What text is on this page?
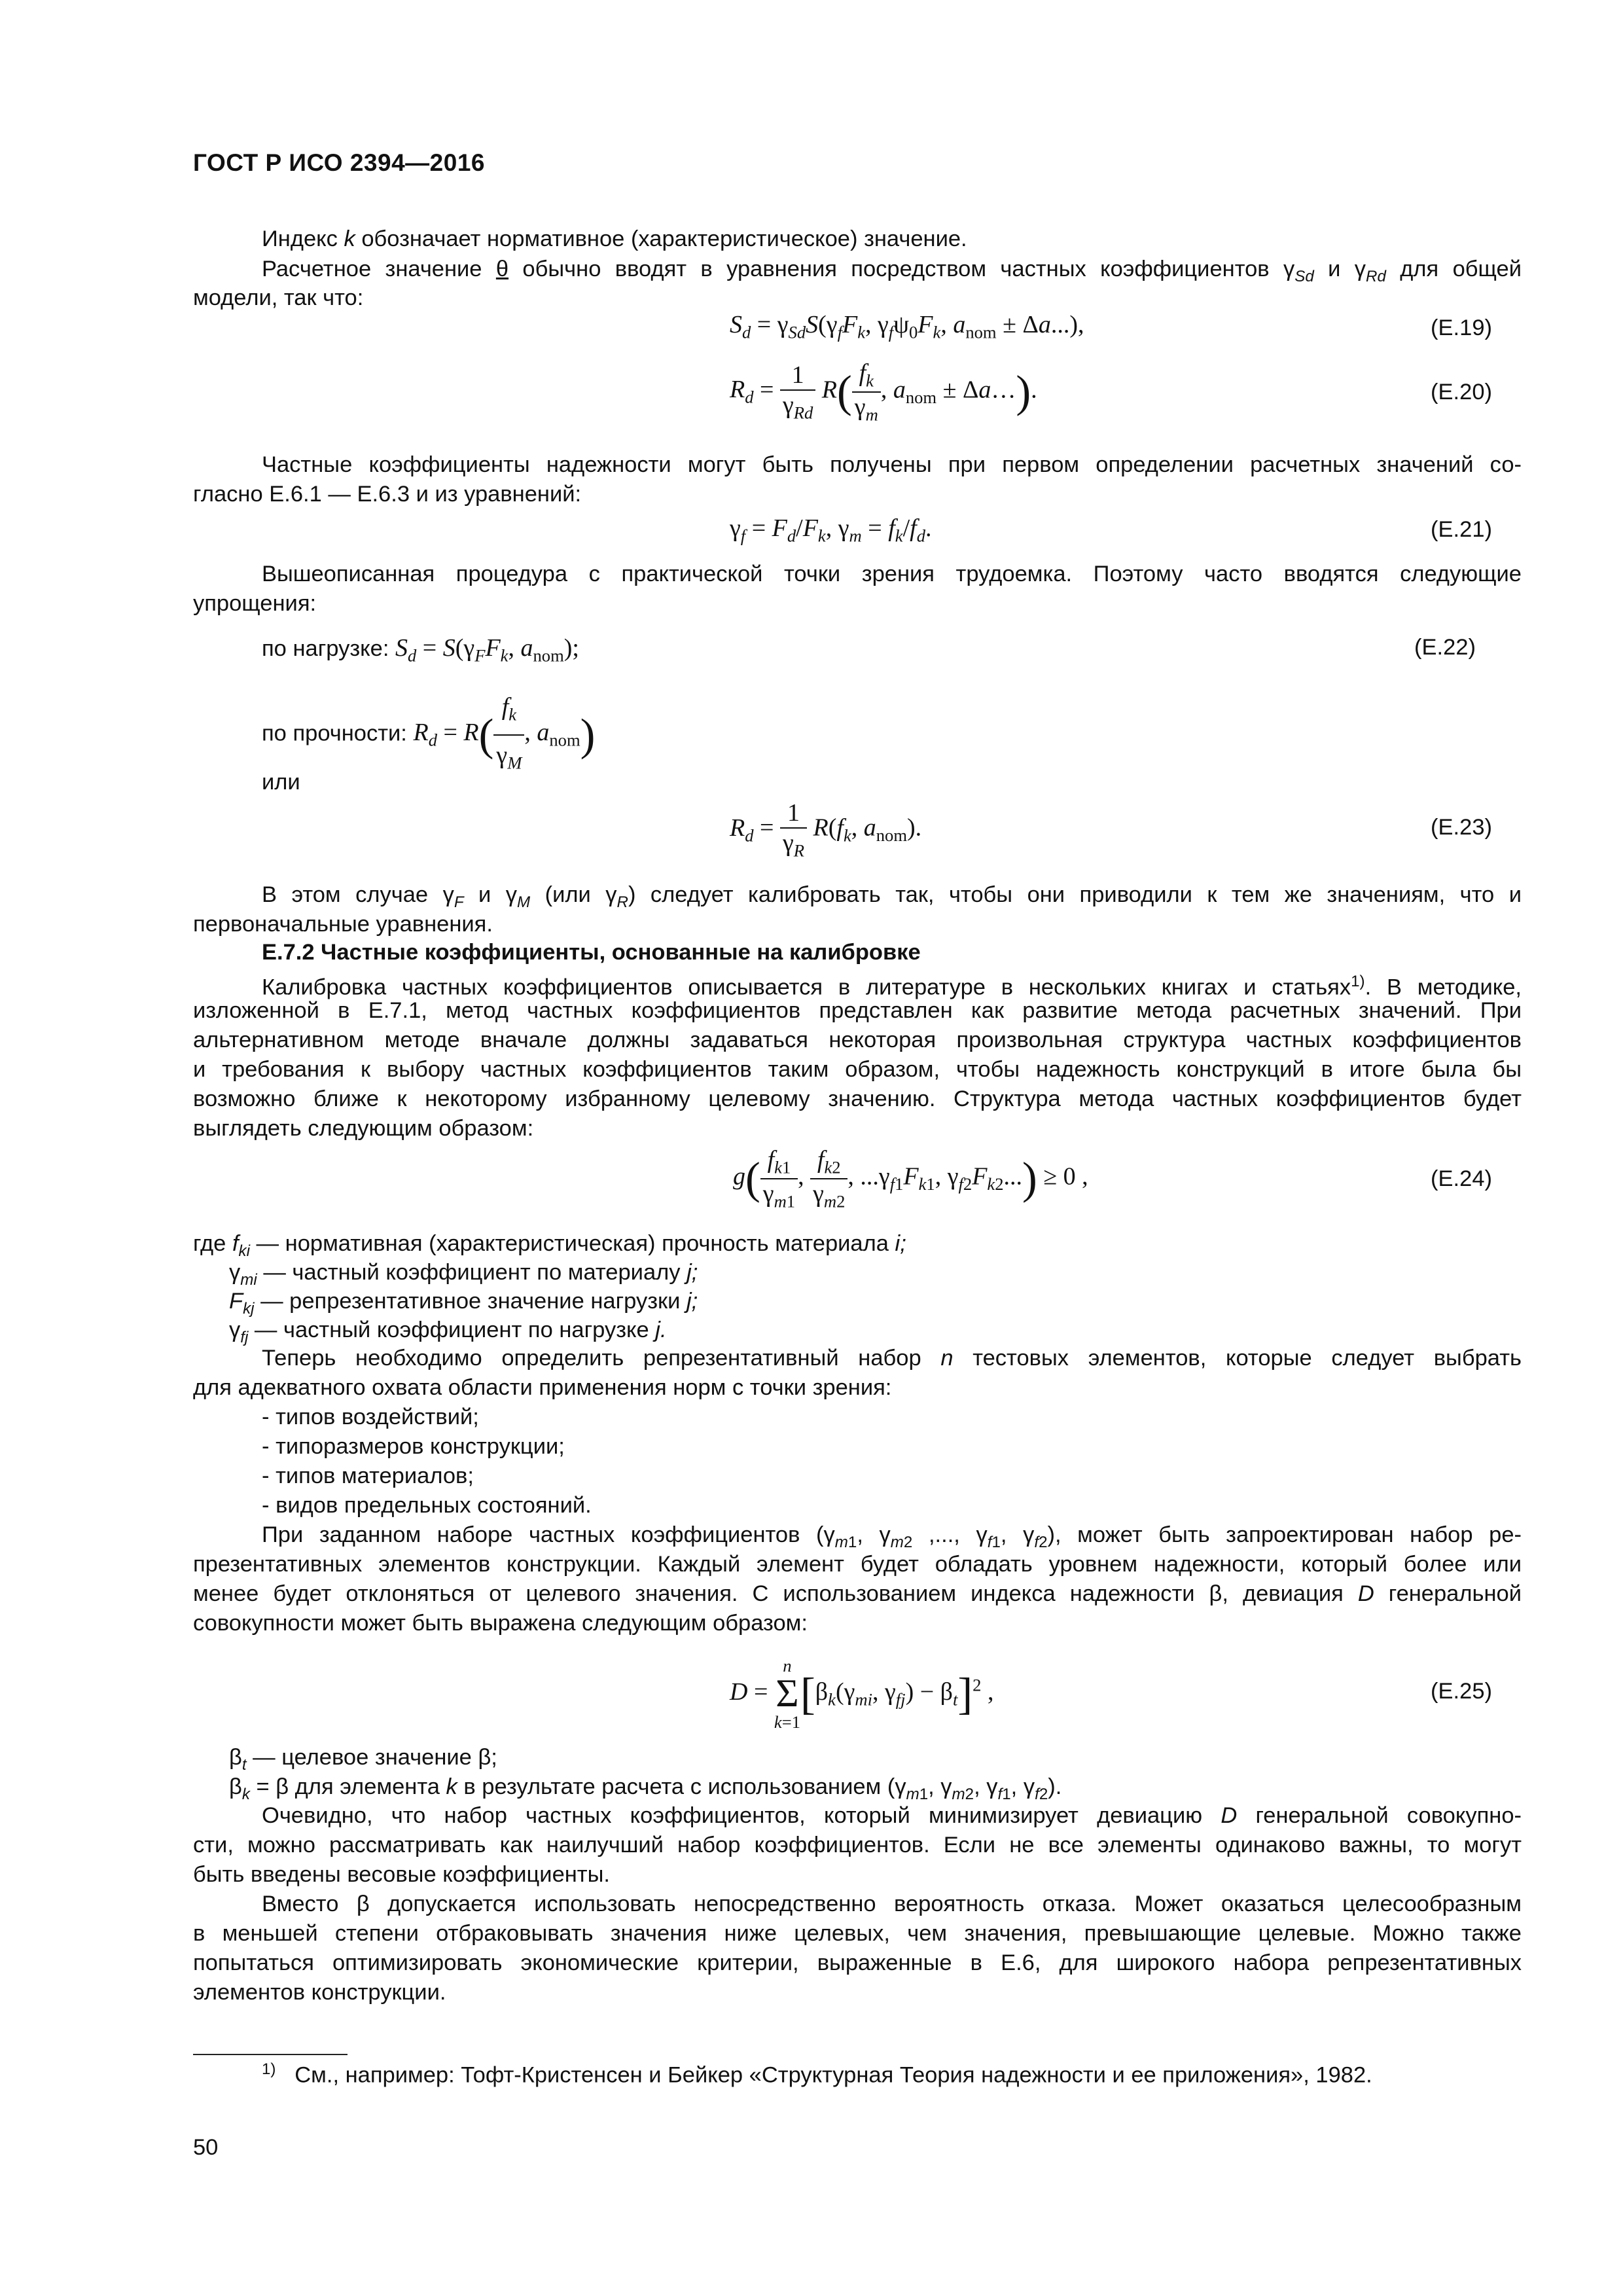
ГОСТ Р ИСО 2394—2016
Индекс k обозначает нормативное (характеристическое) значение.
Расчетное значение θ обычно вводят в уравнения посредством частных коэффициентов $\gamma_{Sd}$ и $\gamma_{Rd}$ для общей
модели, так что:
$S_d = \gamma_{Sd}S(\gamma_fF_k$, $\gamma_f\psi_0F_k$, $a_{nom} \pm \Delta a$...),	(Е.19)
$R_d = \frac{1}{\gamma_{Rd}} R( \frac{f_k}{\gamma_m}$ , $a_{nom}$ ± Δa…).	(Е.20)
Частные коэффициенты надежности могут быть получены при первом определении расчетных значений со-
гласно Е.6.1 — Е.6.3 и из уравнений:
$\gamma_f = F_d/F_k$, $\gamma_m = f_k/f_d$.	(Е.21)
Вышеописанная процедура с практической точки зрения трудоемка. Поэтому часто вводятся следующие
упрощения:
по нагрузке: $S_d = S(\gamma_FF_k$, $a_{nom}$);	(Е.22)
по прочности: $R_d = R( \frac{f_k}{\gamma_M}$ , $a_{nom}$)
или
$R_d = \frac{1}{\gamma_R} R(f_k$, $a_{nom}$).	(Е.23)
В этом случае $\gamma_F$ и $\gamma_M$ (или $\gamma_R$) следует калибровать так, чтобы они приводили к тем же значениям, что и
первоначальные уравнения.
Е.7.2 Частные коэффициенты, основанные на калибровке
Калибровка частных коэффициентов описывается в литературе в нескольких книгах и статьях$^{1)}$. В методике,
изложенной в Е.7.1, метод частных коэффициентов представлен как развитие метода расчетных значений. При
альтернативном методе вначале должны задаваться некоторая произвольная структура частных коэффициентов
и требования к выбору частных коэффициентов таким образом, чтобы надежность конструкций в итоге была бы
возможно ближе к некоторому избранному целевому значению. Структура метода частных коэффициентов будет
выглядеть следующим образом:
$g( \frac{f_{k1}}{\gamma_{m1}}$ , $\frac{f_{k2}}{\gamma_{m2}}$ , $...\gamma_{f1}F_{k1}$, $\gamma_{f2}F_{k2}...) \ge 0$ ,	(Е.24)
где $f_{ki}$ — нормативная (характеристическая) прочность материала i;
$\gamma_{mi}$ — частный коэффициент по материалу j;
$F_{kj}$ — репрезентативное значение нагрузки j;
$\gamma_{fj}$ — частный коэффициент по нагрузке j.
Теперь необходимо определить репрезентативный набор n тестовых элементов, которые следует выбрать
для адекватного охвата области применения норм с точки зрения:
- типов воздействий;
- типоразмеров конструкции;
- типов материалов;
- видов предельных состояний.
При заданном наборе частных коэффициентов ($\gamma_{m1}$, $\gamma_{m2}$ ,..., $\gamma_{f1}$, $\gamma_{f2}$), может быть запроектирован набор ре-
презентативных элементов конструкции. Каждый элемент будет обладать уровнем надежности, который более или
менее будет отклоняться от целевого значения. С использованием индекса надежности β, девиация D генеральной
совокупности может быть выражена следующим образом:
D =
n
Σ
k=1
[$\beta_k(\gamma_{mi}$, $\gamma_{fj}) - \beta_t]^2$ ,	(Е.25)
$\beta_t$ — целевое значение β;
$\beta_k = \beta$ для элемента k в результате расчета с использованием ($\gamma_{m1}$, $\gamma_{m2}$, $\gamma_{f1}$, $\gamma_{f2}$).
Очевидно, что набор частных коэффициентов, который минимизирует девиацию D генеральной совокупно-
сти, можно рассматривать как наилучший набор коэффициентов. Если не все элементы одинаково важны, то могут
быть введены весовые коэффициенты.
Вместо β допускается использовать непосредственно вероятность отказа. Может оказаться целесообразным
в меньшей степени отбраковывать значения ниже целевых, чем значения, превышающие целевые. Можно также
попытаться оптимизировать экономические критерии, выраженные в Е.6, для широкого набора репрезентативных
элементов конструкции.
$^{1)}$ См., например: Тофт-Кристенсен и Бейкер «Структурная Теория надежности и ее приложения», 1982.
50
